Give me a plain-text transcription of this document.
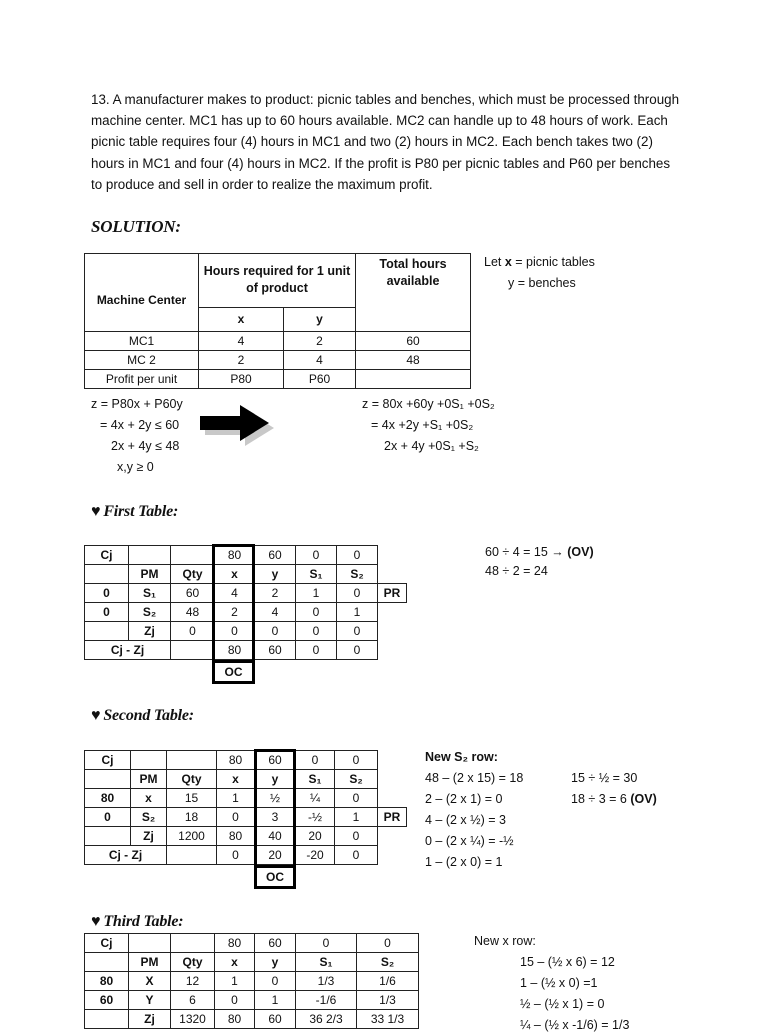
13. A manufacturer makes to product: picnic tables and benches, which must be processed through machine center. MC1 has up to 60 hours available. MC2 can handle up to 48 hours of work. Each picnic table requires four (4) hours in MC1 and two (2) hours in MC2. Each bench takes two (2) hours in MC1 and four (4) hours in MC2. If the profit is P80 per picnic tables and P60 per benches to produce and sell in order to realize the maximum profit.
SOLUTION:
Machine Center	Hours required for 1 unit of product		Total hours available
	x	y	
MC1	4	2	60
MC 2	2	4	48
Profit per unit	P80	P60	
Let x = picnic tables
y = benches
z = P80x + P60y
= 4x + 2y ≤ 60
2x + 4y ≤ 48
x,y ≥ 0
z = 80x +60y +0S₁ +0S₂
= 4x +2y +S₁ +0S₂
2x + 4y +0S₁ +S₂
♥ First Table:
Cj			80	60	0	0	
	PM	Qty	x	y	S₁	S₂	
0	S₁	60	4	2	1	0	PR
0	S₂	48	2	4	0	1	
	Zj	0	0	0	0	0	
Cj - Zj			80	60	0	0	
OC
60 ÷ 4 = 15 → (OV)
48 ÷ 2 = 24
♥ Second Table:
Cj			80	60	0	0	
	PM	Qty	x	y	S₁	S₂	
80	x	15	1	½	¼	0	
0	S₂	18	0	3	-½	1	PR
	Zj	1200	80	40	20	0	
Cj - Zj			0	20	-20	0	
OC
New S₂ row:
48 – (2 x 15) = 18
2 – (2 x 1) = 0
4 – (2 x ½) = 3
0 – (2 x ¼) = -½
1 – (2 x 0) = 1
15 ÷ ½ = 30
18 ÷ 3 = 6 (OV)
♥ Third Table:
Cj			80	60	0	0
	PM	Qty	x	y	S₁	S₂
80	X	12	1	0	1/3	1/6
60	Y	6	0	1	-1/6	1/3
	Zj	1320	80	60	36 2/3	33 1/3
New x row:
15 – (½ x 6) = 12
1 – (½ x 0) =1
½ – (½ x 1) = 0
¼ – (½ x -1/6) = 1/3
